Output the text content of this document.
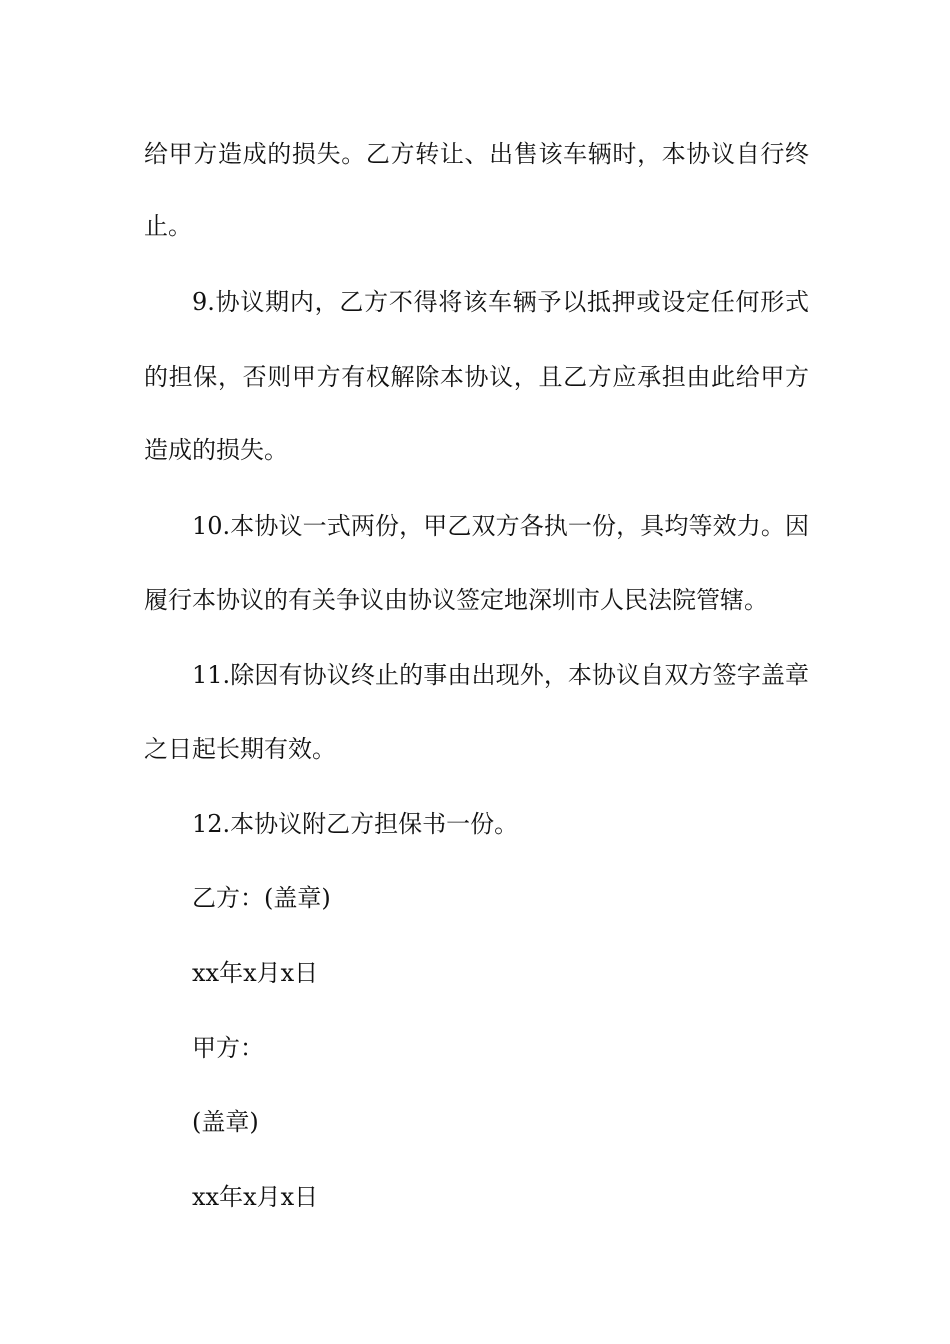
给甲方造成的损失。乙方转让、出售该车辆时，本协议自行终
止。
9.协议期内，乙方不得将该车辆予以抵押或设定任何形式
的担保，否则甲方有权解除本协议，且乙方应承担由此给甲方
造成的损失。
10.本协议一式两份，甲乙双方各执一份，具均等效力。因
履行本协议的有关争议由协议签定地深圳市人民法院管辖。
11.除因有协议终止的事由出现外，本协议自双方签字盖章
之日起长期有效。
12.本协议附乙方担保书一份。
乙方：(盖章)
xx年x月x日
甲方：
(盖章)
xx年x月x日
